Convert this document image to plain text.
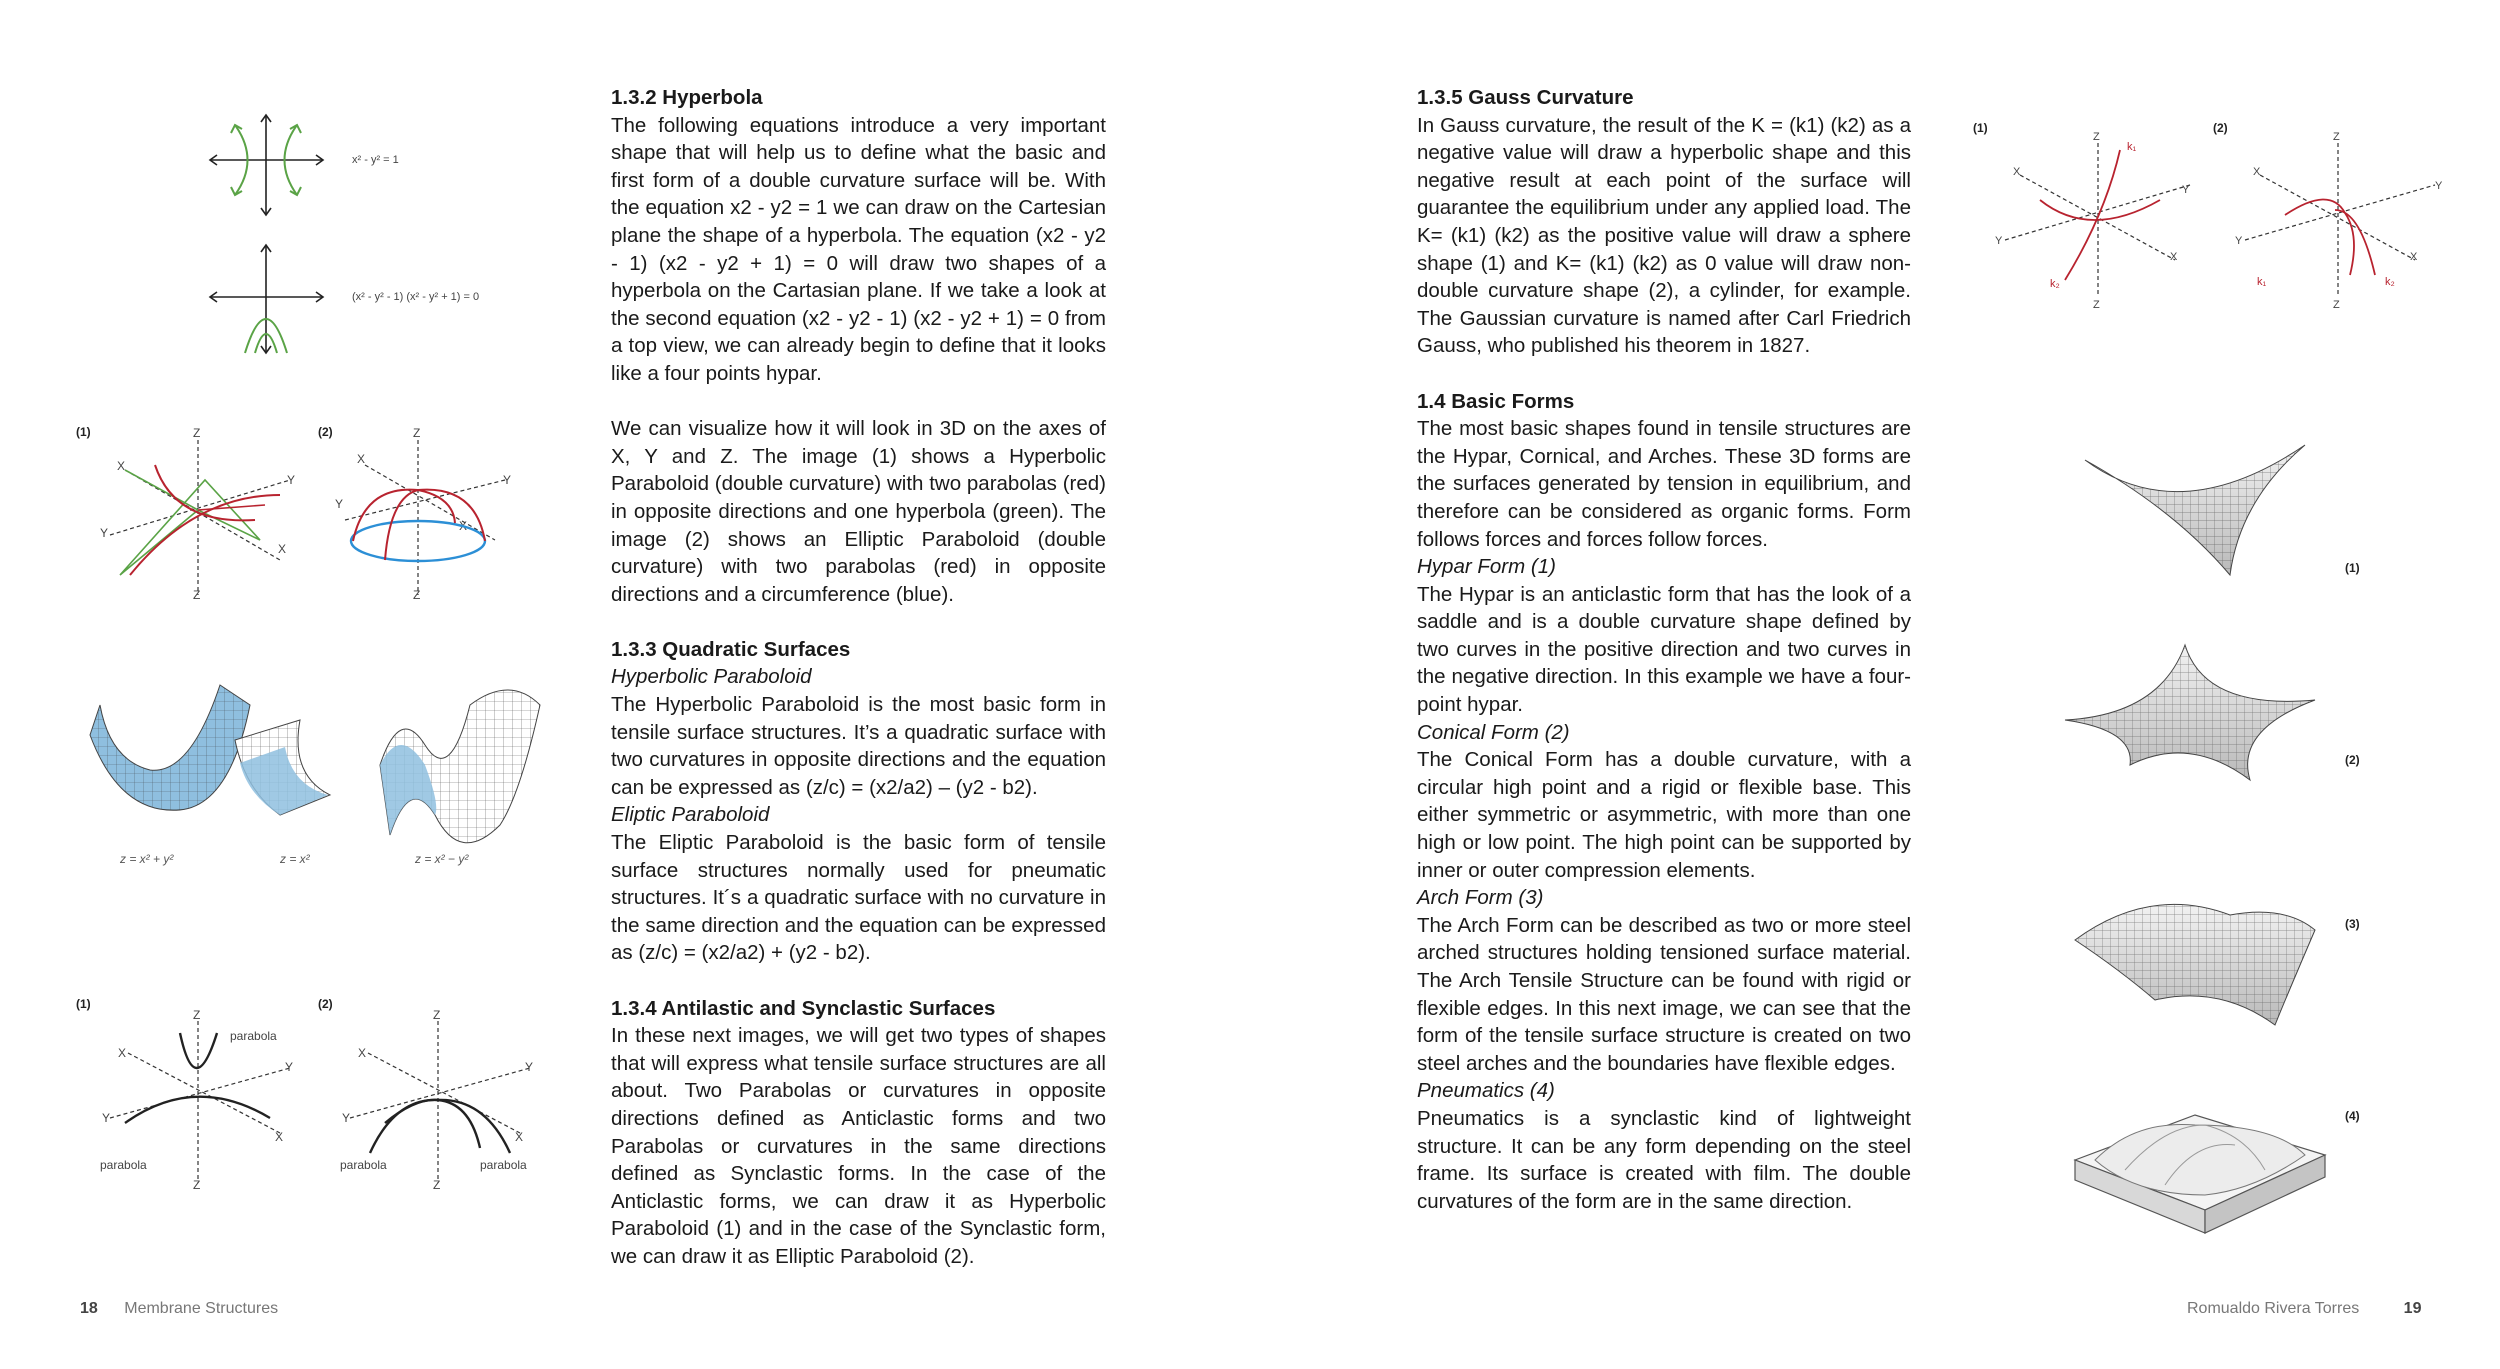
1.3.2 Hyperbola

The following equations introduce a very important shape that will help us to define what the basic and first form of a double curvature surface will be. With the equation x2 - y2 = 1 we can draw on the Cartesian plane the shape of a hyperbola. The equation (x2 - y2 - 1) (x2 - y2 + 1) = 0 will draw two shapes of a hyperbola on the Cartasian plane. If we take a look at the second equation (x2 - y2 - 1) (x2 - y2 + 1) = 0 from a top view, we can already begin to define that it looks like a four points hypar.

We can visualize how it will look in 3D on the axes of X, Y and Z. The image (1) shows a Hyperbolic Paraboloid (double curvature) with two parabolas (red) in opposite directions and one hyperbola (green). The image (2) shows an Elliptic Paraboloid (double curvature) with two parabolas (red) in opposite directions and a circumference (blue).

1.3.3 Quadratic Surfaces

Hyperbolic Paraboloid

The Hyperbolic Paraboloid is the most basic form in tensile surface structures. It’s a quadratic surface with two curvatures in opposite directions and the equation can be expressed as (z/c) = (x2/a2) – (y2 - b2).

Eliptic Paraboloid

The Eliptic Paraboloid is the basic form of tensile surface structures normally used for pneumatic structures. It´s a quadratic surface with no curvature in the same direction and the equation can be expressed as (z/c) = (x2/a2) + (y2 - b2).

1.3.4 Antilastic and Synclastic Surfaces

In these next images, we will get two types of shapes that will express what tensile surface structures are all about. Two Parabolas or curvatures in opposite directions defined as Anticlastic forms and two Parabolas or curvatures in the same directions defined as Synclastic forms. In the case of the Anticlastic forms, we can draw it as Hyperbolic Paraboloid (1) and in the case of the Synclastic form, we can draw it as Elliptic Paraboloid (2).

1.3.5 Gauss Curvature

In Gauss curvature, the result of the K = (k1) (k2) as a negative value will draw a hyperbolic shape and this negative result at each point of the surface will guarantee the equilibrium under any applied load. The K= (k1) (k2) as the positive value will draw a sphere shape (1) and K= (k1) (k2) as 0 value will draw non-double curvature shape (2), a cylinder, for example. The Gaussian curvature is named after Carl Friedrich Gauss, who published his theorem in 1827.

1.4 Basic Forms

The most basic shapes found in tensile structures are the Hypar, Cornical, and Arches. These 3D forms are the surfaces generated by tension in equilibrium, and therefore can be considered as organic forms. Form follows forces and forces follow forces.

Hypar Form (1)

The Hypar is an anticlastic form that has the look of a saddle and is a double curvature shape defined by two curves in the positive direction and two curves in the negative direction. In this example we have a four-point hypar.

Conical Form (2)

The Conical Form has a double curvature, with a circular high point and a rigid or flexible base. This either symmetric or asymmetric, with more than one high or low point. The high point can be supported by inner or outer compression elements.

Arch Form (3)

The Arch Form can be described as two or more steel arched structures holding tensioned surface material. The Arch Tensile Structure can be found with rigid or flexible edges. In this next image, we can see that the form of the tensile surface structure is created on two steel arches and the boundaries have flexible edges.

Pneumatics (4)

Pneumatics is a synclastic kind of lightweight structure. It can be any form depending on the steel frame. Its surface is created with film. The double curvatures of the form are in the same direction.

x² - y² = 1
(x² - y² - 1) (x² - y² + 1) = 0
(1)	(2)
Z
Z
X
X
Y
Y
Z
Z
X
X
Y
Y
z = x² + y²	z = x²	z = x² − y²
(1)	(2)
Z
Z
X
X
Y
Y
parabola
parabola
Z
Z
X
X
Y
Y
parabola	parabola
(1)	(2)
Z
Z
X
X
Y
Y
k₁
k₂
Z
Z
X
X
Y
Y
k₂
k₁
(1)
(2)
(3)
(4)
18 Membrane Structures	Romualdo Rivera Torres	19
